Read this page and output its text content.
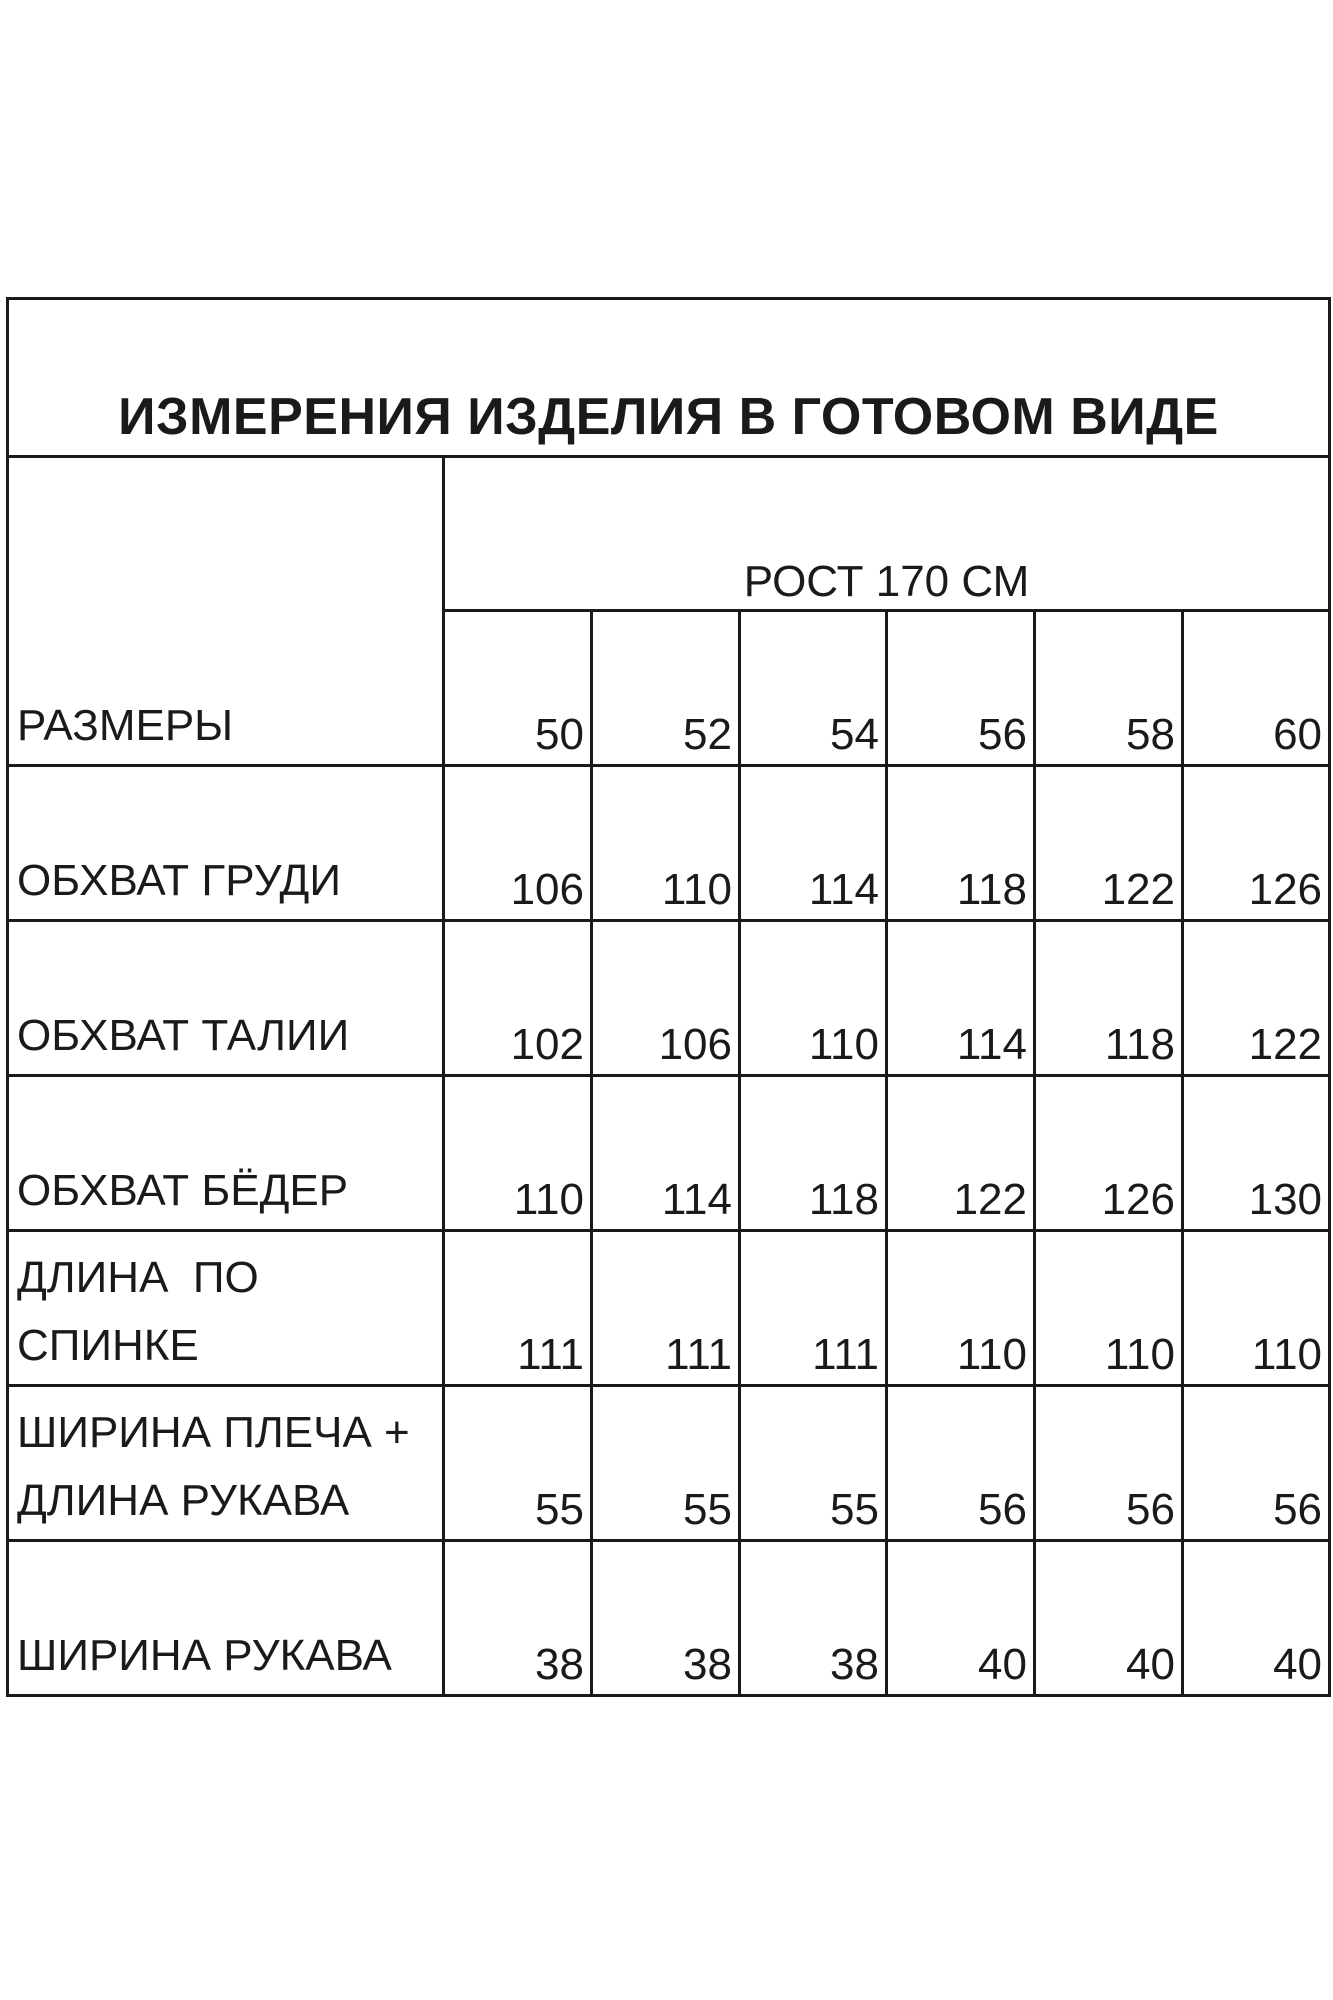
ИЗМЕРЕНИЯ ИЗДЕЛИЯ В ГОТОВОМ ВИДЕ						
РАЗМЕРЫ	РОСТ 170 СМ					
	50	52	54	56	58	60

ОБХВАТ ГРУДИ	106	110	114	118	122	126

ОБХВАТ ТАЛИИ	102	106	110	114	118	122

ОБХВАТ БЁДЕР	110	114	118	122	126	130

ДЛИНА  ПО
СПИНКЕ	111	111	111	110	110	110

ШИРИНА ПЛЕЧА +
ДЛИНА РУКАВА	55	55	55	56	56	56

ШИРИНА РУКАВА	38	38	38	40	40	40
